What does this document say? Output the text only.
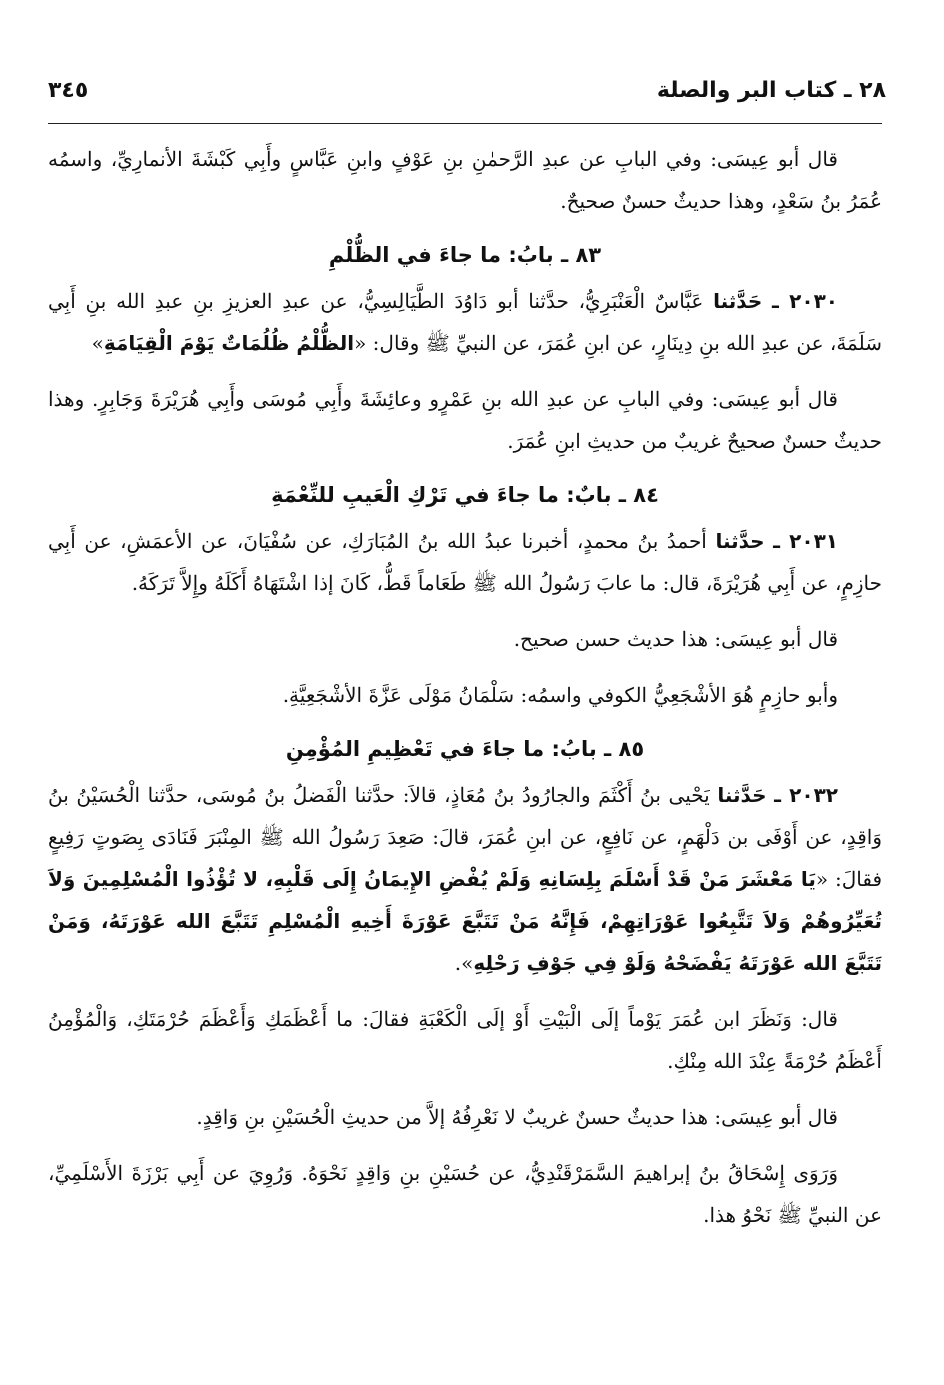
٢٨ ـ كتاب البر والصلة
٣٤٥

قال أبو عِيسَى: وفي البابِ عن عبدِ الرَّحمٰنِ بنِ عَوْفٍ وابنِ عَبَّاسٍ وأَبِي كَبْشَةَ الأنمارِيِّ، واسمُه عُمَرُ بنُ سَعْدٍ، وهذا حديثٌ حسنٌ صحيحٌ.

٨٣ ـ بابُ: ما جاءَ في الظُّلْمِ

٢٠٣٠ ـ حَدَّثنا عَبَّاسٌ الْعَنْبَرِيُّ، حدَّثنا أبو دَاوُدَ الطَّيَالِسِيُّ، عن عبدِ العزيزِ بنِ عبدِ الله بنِ أَبِي سَلَمَةَ، عن عبدِ الله بنِ دِينَارٍ، عن ابنِ عُمَرَ، عن النبيِّ ﷺ وقال: «الظُّلْمُ ظُلُمَاتٌ يَوْمَ الْقِيَامَةِ»

قال أبو عِيسَى: وفي البابِ عن عبدِ الله بنِ عَمْرٍو وعائِشَةَ وأَبِي مُوسَى وأَبِي هُرَيْرَةَ وَجَابِرٍ. وهذا حديثٌ حسنٌ صحيحٌ غريبٌ من حديثِ ابنِ عُمَرَ.

٨٤ ـ بابٌ: ما جاءَ في تَرْكِ الْعَيبِ للنِّعْمَةِ

٢٠٣١ ـ حدَّثنا أحمدُ بنُ محمدٍ، أخبرنا عبدُ الله بنُ المُبَارَكِ، عن سُفْيَانَ، عن الأعمَشِ، عن أَبِي حازِمٍ، عن أَبِي هُرَيْرَةَ، قال: ما عابَ رَسُولُ الله ﷺ طَعَاماً قَطُّ، كَانَ إذا اشْتَهَاهُ أَكَلَهُ وإِلاَّ تَرَكَهُ.

قال أبو عِيسَى: هذا حديث حسن صحيح.

وأبو حازِمٍ هُوَ الأشْجَعِيُّ الكوفي واسمُه: سَلْمَانُ مَوْلَى عَزَّةَ الأشْجَعِيَّةِ.

٨٥ ـ بابُ: ما جاءَ في تَعْظِيمِ المُؤْمِنِ

٢٠٣٢ ـ حَدَّثنا يَحْيى بنُ أَكْثَمَ والجارُودُ بنُ مُعَاذٍ، قالاَ: حدَّثنا الْفَضلُ بنُ مُوسَى، حدَّثنا الْحُسَيْنُ بنُ وَاقِدٍ، عن أَوْفَى بن دَلْهَمٍ، عن نَافِعٍ، عن ابنِ عُمَرَ، قالَ: صَعِدَ رَسُولُ الله ﷺ المِنْبَرَ فَنَادَى بِصَوتٍ رَفِيعٍ فقالَ: «يَا مَعْشَرَ مَنْ قَدْ أَسْلَمَ بِلِسَانِهِ وَلَمْ يُفْضِ الإِيمَانُ إِلَى قَلْبِهِ، لا تُؤْذُوا الْمُسْلِمِينَ وَلاَ تُعَيِّرُوهُمْ وَلاَ تَتَّبِعُوا عَوْرَاتِهِمْ، فَإِنَّهُ مَنْ تَتَبَّعَ عَوْرَةَ أَخِيهِ الْمُسْلِمِ تَتَبَّعَ الله عَوْرَتَهُ، وَمَنْ تَتَبَّعَ الله عَوْرَتَهُ يَفْضَحْهُ وَلَوْ فِي جَوْفِ رَحْلِهِ».

قال: وَنَظَرَ ابن عُمَرَ يَوْماً إلَى الْبَيْتِ أَوْ إلَى الْكَعْبَةِ فقالَ: ما أَعْظَمَكِ وَأَعْظَمَ حُرْمَتَكِ، وَالْمُؤْمِنُ أَعْظَمُ حُرْمَةً عِنْدَ الله مِنْكِ.

قال أبو عِيسَى: هذا حديثٌ حسنٌ غريبٌ لا نَعْرِفُهُ إلاَّ من حديثِ الْحُسَيْنِ بنِ وَاقِدٍ.

وَرَوَى إِسْحَاقُ بنُ إبراهيمَ السَّمَرْقَنْدِيُّ، عن حُسَيْنِ بنِ وَاقِدٍ نَحْوَهُ. وَرُوِيَ عن أَبِي بَرْزَةَ الأَسْلَمِيِّ، عن النبيِّ ﷺ نَحْوُ هذا.
